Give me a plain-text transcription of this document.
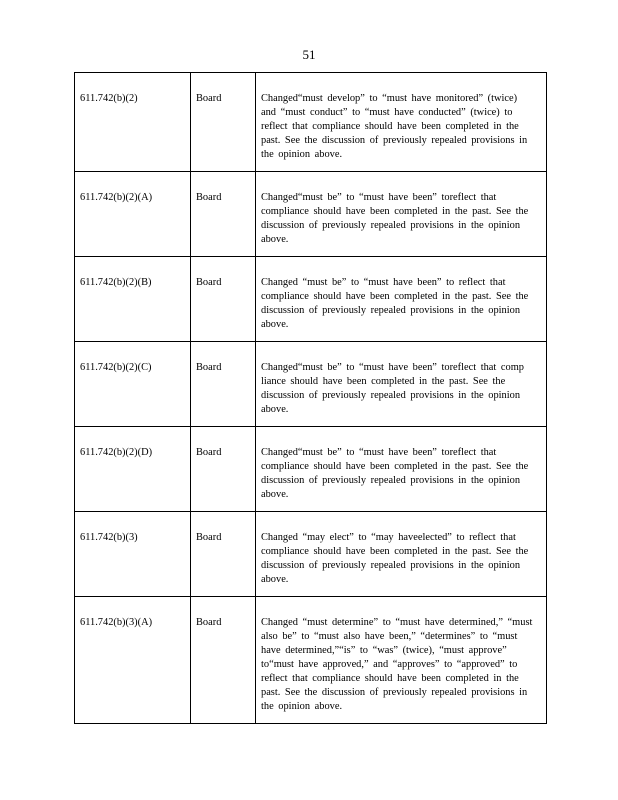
51
611.742(b)(2)	Board	Changed“must develop” to “must have monitored” (twice) and “must conduct” to “must have conducted” (twice) to reflect that compliance should have been completed in the past. See the discussion of previously repealed provisions in the opinion above.

611.742(b)(2)(A)	Board	Changed“must be” to “must have been” toreflect that compliance should have been completed in the past. See the discussion of previously repealed provisions in the opinion above.

611.742(b)(2)(B)	Board	Changed “must be” to “must have been” to reflect that compliance should have been completed in the past. See the discussion of previously repealed provisions in the opinion above.

611.742(b)(2)(C)	Board	Changed“must be” to “must have been” toreflect that comp liance should have been completed in the past. See the discussion of previously repealed provisions in the opinion above.

611.742(b)(2)(D)	Board	Changed“must be” to “must have been” toreflect that compliance should have been completed in the past. See the discussion of previously repealed provisions in the opinion above.

611.742(b)(3)	Board	Changed “may elect” to “may haveelected” to reflect that compliance should have been completed in the past. See the discussion of previously repealed provisions in the opinion above.

611.742(b)(3)(A)	Board	Changed “must determine” to “must have determined,” “must also be” to “must also have been,” “determines” to “must have determined,”“is” to “was” (twice), “must approve” to“must have approved,” and “approves” to “approved” to reflect that compliance should have been completed in the past. See the discussion of previously repealed provisions in the opinion above.
